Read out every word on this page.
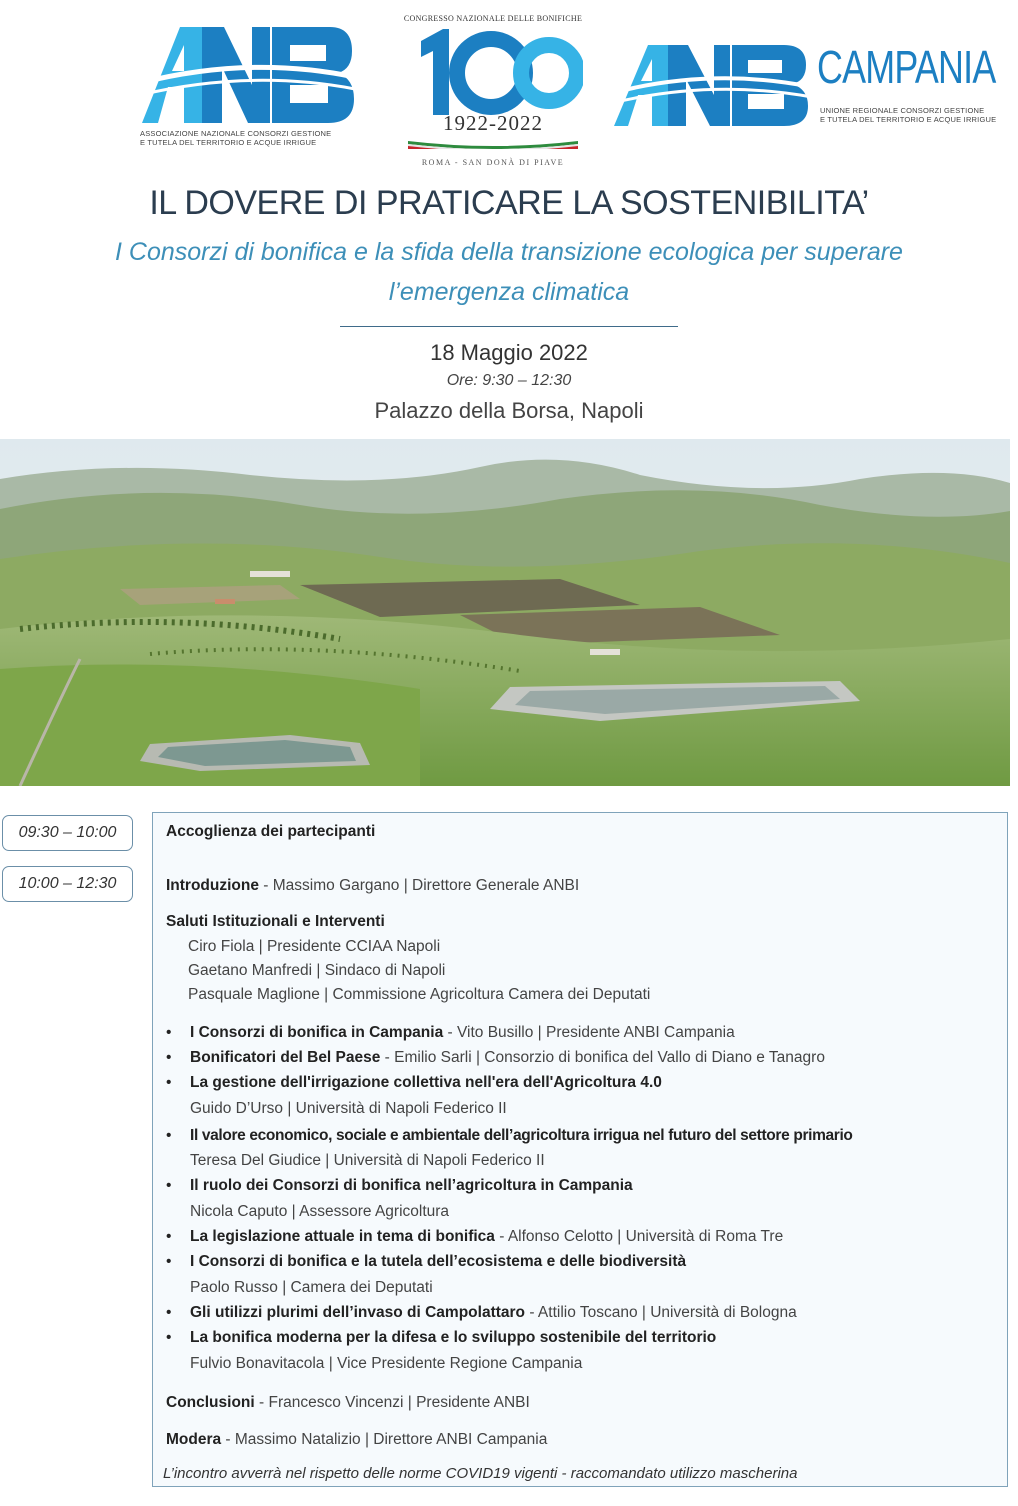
ASSOCIAZIONE NAZIONALE CONSORZI GESTIONE
E TUTELA DEL TERRITORIO E ACQUE IRRIGUE
CONGRESSO NAZIONALE DELLE BONIFICHE
1922-2022
ROMA - SAN DONÀ DI PIAVE
CAMPANIA
UNIONE REGIONALE CONSORZI GESTIONE
E TUTELA DEL TERRITORIO E ACQUE IRRIGUE
IL DOVERE DI PRATICARE LA SOSTENIBILITA’
I Consorzi di bonifica e la sfida della transizione ecologica per superare
l’emergenza climatica
18 Maggio 2022
Ore: 9:30 – 12:30
Palazzo della Borsa, Napoli
09:30 – 10:00
10:00 – 12:30
Accoglienza dei partecipanti
Introduzione - Massimo Gargano | Direttore Generale ANBI
Saluti Istituzionali e Interventi
Ciro Fiola | Presidente CCIAA Napoli
Gaetano Manfredi | Sindaco di Napoli
Pasquale Maglione | Commissione Agricoltura Camera dei Deputati
• I Consorzi di bonifica in Campania - Vito Busillo | Presidente ANBI Campania
• Bonificatori del Bel Paese - Emilio Sarli | Consorzio di bonifica del Vallo di Diano e Tanagro
• La gestione dell'irrigazione collettiva nell'era dell'Agricoltura 4.0
Guido D’Urso | Università di Napoli Federico II
• Il valore economico, sociale e ambientale dell’agricoltura irrigua nel futuro del settore primario
Teresa Del Giudice | Università di Napoli Federico II
• Il ruolo dei Consorzi di bonifica nell’agricoltura in Campania
Nicola Caputo | Assessore Agricoltura
• La legislazione attuale in tema di bonifica - Alfonso Celotto | Università di Roma Tre
• I Consorzi di bonifica e la tutela dell’ecosistema e delle biodiversità
Paolo Russo | Camera dei Deputati
• Gli utilizzi plurimi dell’invaso di Campolattaro - Attilio Toscano | Università di Bologna
• La bonifica moderna per la difesa e lo sviluppo sostenibile del territorio
Fulvio Bonavitacola | Vice Presidente Regione Campania
Conclusioni - Francesco Vincenzi | Presidente ANBI
Modera - Massimo Natalizio | Direttore ANBI Campania
L’incontro avverrà nel rispetto delle norme COVID19 vigenti - raccomandato utilizzo mascherina
